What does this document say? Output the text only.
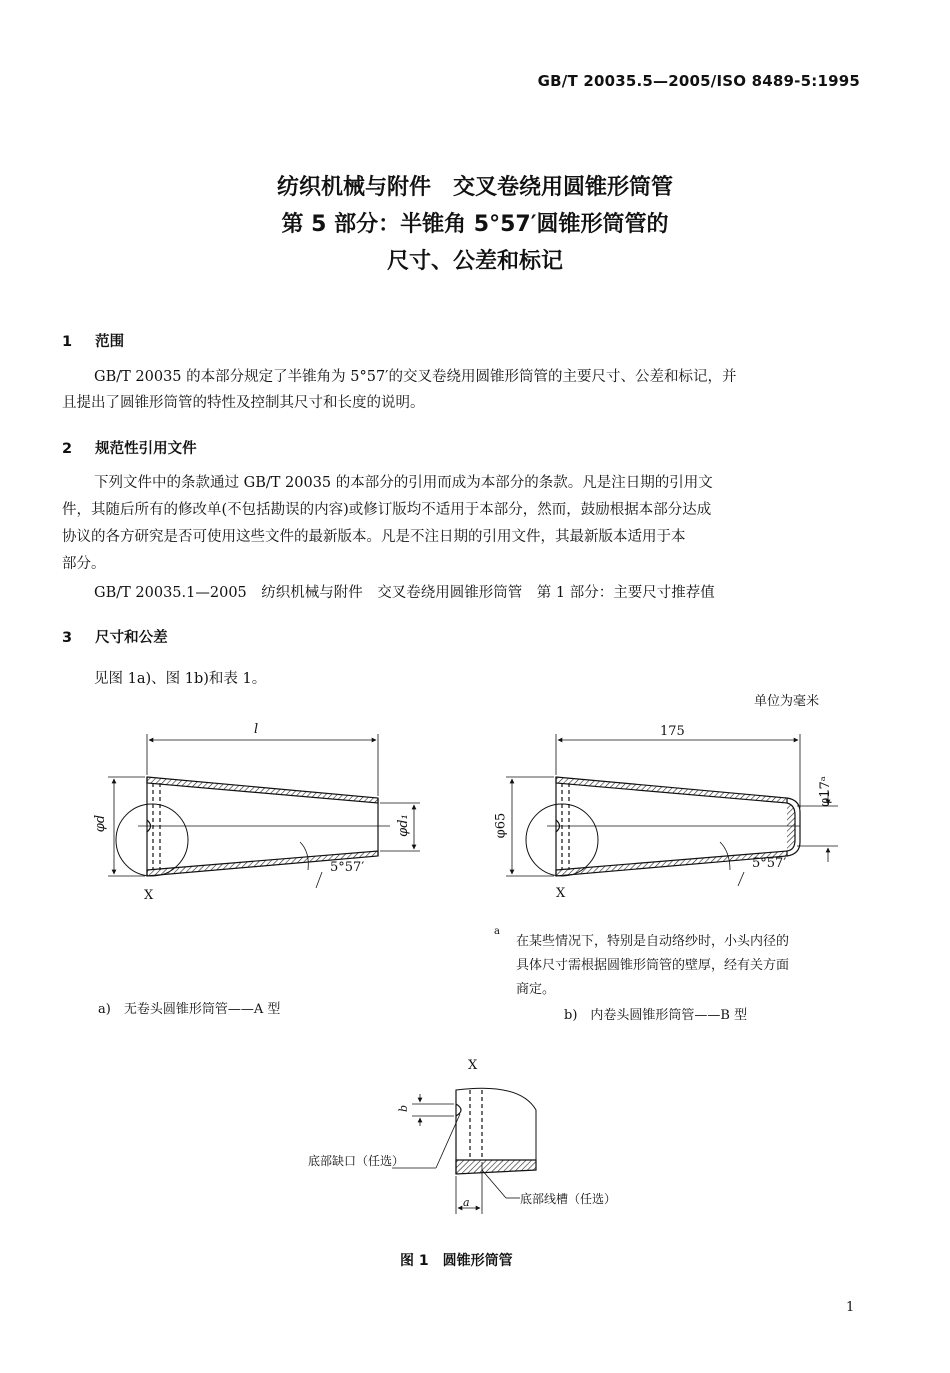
GB/T 20035.5—2005/ISO 8489-5:1995
纺织机械与附件　交叉卷绕用圆锥形筒管
第 5 部分：半锥角 5°57′圆锥形筒管的
尺寸、公差和标记
1 范围
GB/T 20035 的本部分规定了半锥角为 5°57′的交叉卷绕用圆锥形筒管的主要尺寸、公差和标记，并
且提出了圆锥形筒管的特性及控制其尺寸和长度的说明。
2 规范性引用文件
下列文件中的条款通过 GB/T 20035 的本部分的引用而成为本部分的条款。凡是注日期的引用文
件，其随后所有的修改单(不包括勘误的内容)或修订版均不适用于本部分，然而，鼓励根据本部分达成
协议的各方研究是否可使用这些文件的最新版本。凡是不注日期的引用文件，其最新版本适用于本
部分。
GB/T 20035.1—2005　纺织机械与附件　交叉卷绕用圆锥形筒管　第 1 部分：主要尺寸推荐值
3 尺寸和公差
见图 1a)、图 1b)和表 1。
单位为毫米
l
φd	φd₁
5°57′
X
a)　无卷头圆锥形筒管——A 型
175
φ65
φ17ᵃ
5°57′
X
a
在某些情况下，特别是自动络纱时，小头内径的
具体尺寸需根据圆锥形筒管的壁厚，经有关方面
商定。
b)　内卷头圆锥形筒管——B 型
X
b
a
底部缺口（任选）
底部线槽（任选）
图 1　圆锥形筒管
1
